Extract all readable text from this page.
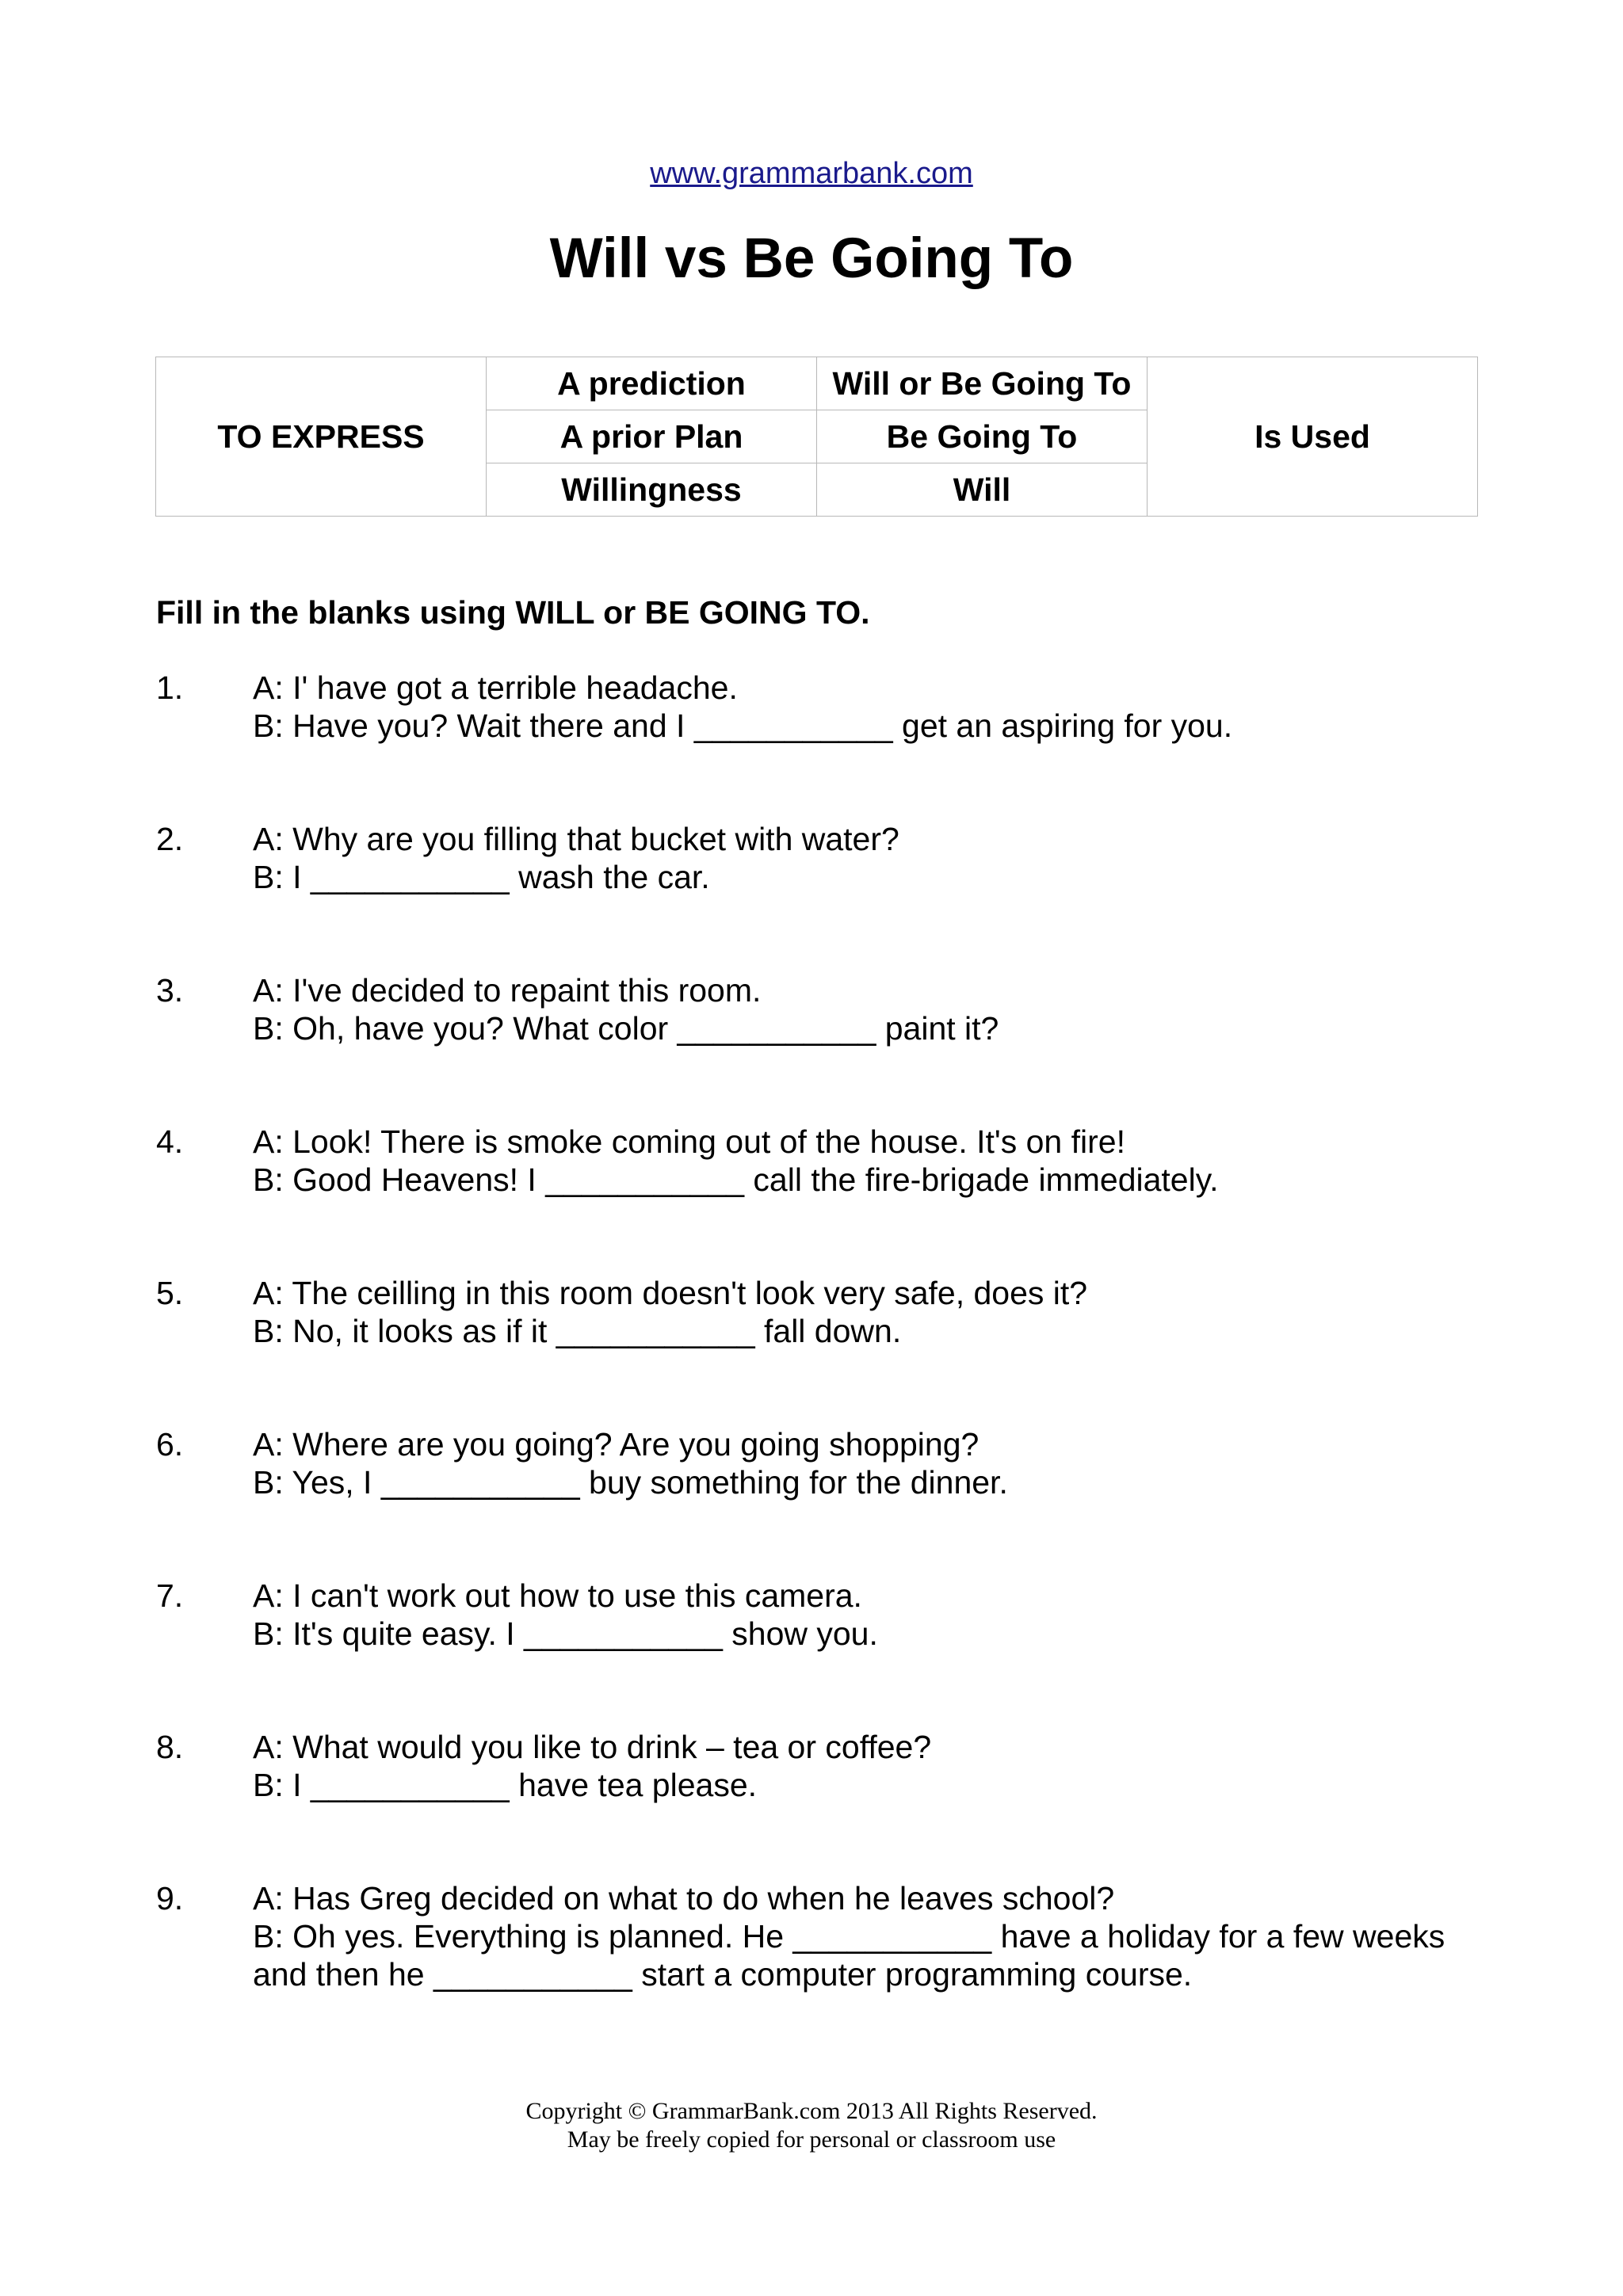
www.grammarbank.com
Will vs Be Going To
TO EXPRESS	A prediction	Will or Be Going To	Is Used
	A prior Plan	Be Going To	
	Willingness	Will	
Fill in the blanks using WILL or BE GOING TO.
1. A: I' have got a terrible headache.
B: Have you? Wait there and I ___________ get an aspiring for you.
2. A: Why are you filling that bucket with water?
B: I ___________ wash the car.
3. A: I've decided to repaint this room.
B: Oh, have you? What color ___________ paint it?
4. A: Look! There is smoke coming out of the house. It's on fire!
B: Good Heavens! I ___________ call the fire-brigade immediately.
5. A: The ceilling in this room doesn't look very safe, does it?
B: No, it looks as if it ___________ fall down.
6. A: Where are you going? Are you going shopping?
B: Yes, I ___________ buy something for the dinner.
7. A: I can't work out how to use this camera.
B: It's quite easy. I ___________ show you.
8. A: What would you like to drink – tea or coffee?
B: I ___________ have tea please.
9. A: Has Greg decided on what to do when he leaves school?
B: Oh yes. Everything is planned. He ___________ have a holiday for a few weeks
and then he ___________ start a computer programming course.
Copyright © GrammarBank.com 2013 All Rights Reserved.
May be freely copied for personal or classroom use
